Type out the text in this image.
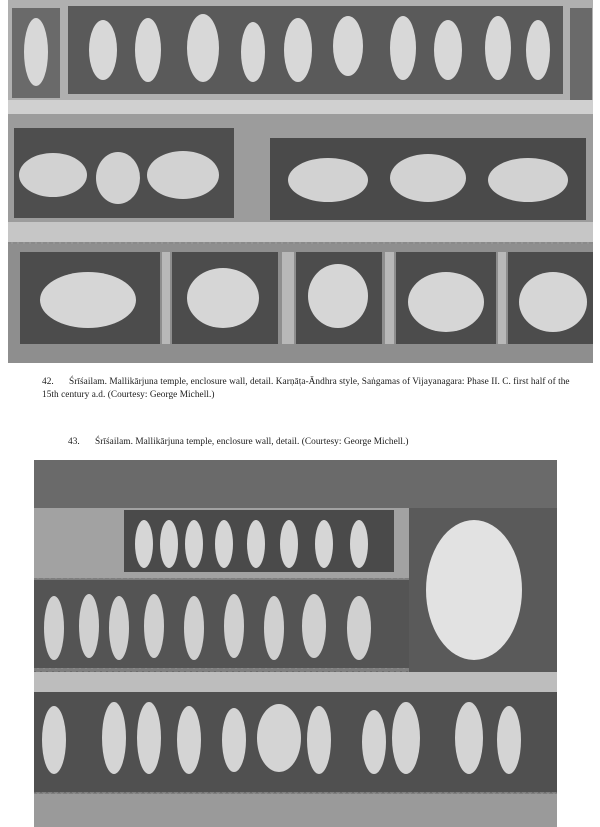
42. Śrīśailam. Mallikārjuna temple, enclosure wall, detail. Karṇāṭa-Āndhra style, Saṅgamas of Vijayanagara: Phase II. C. first half of the 15th century a.d. (Courtesy: George Michell.)
43. Śrīśailam. Mallikārjuna temple, enclosure wall, detail. (Courtesy: George Michell.)
